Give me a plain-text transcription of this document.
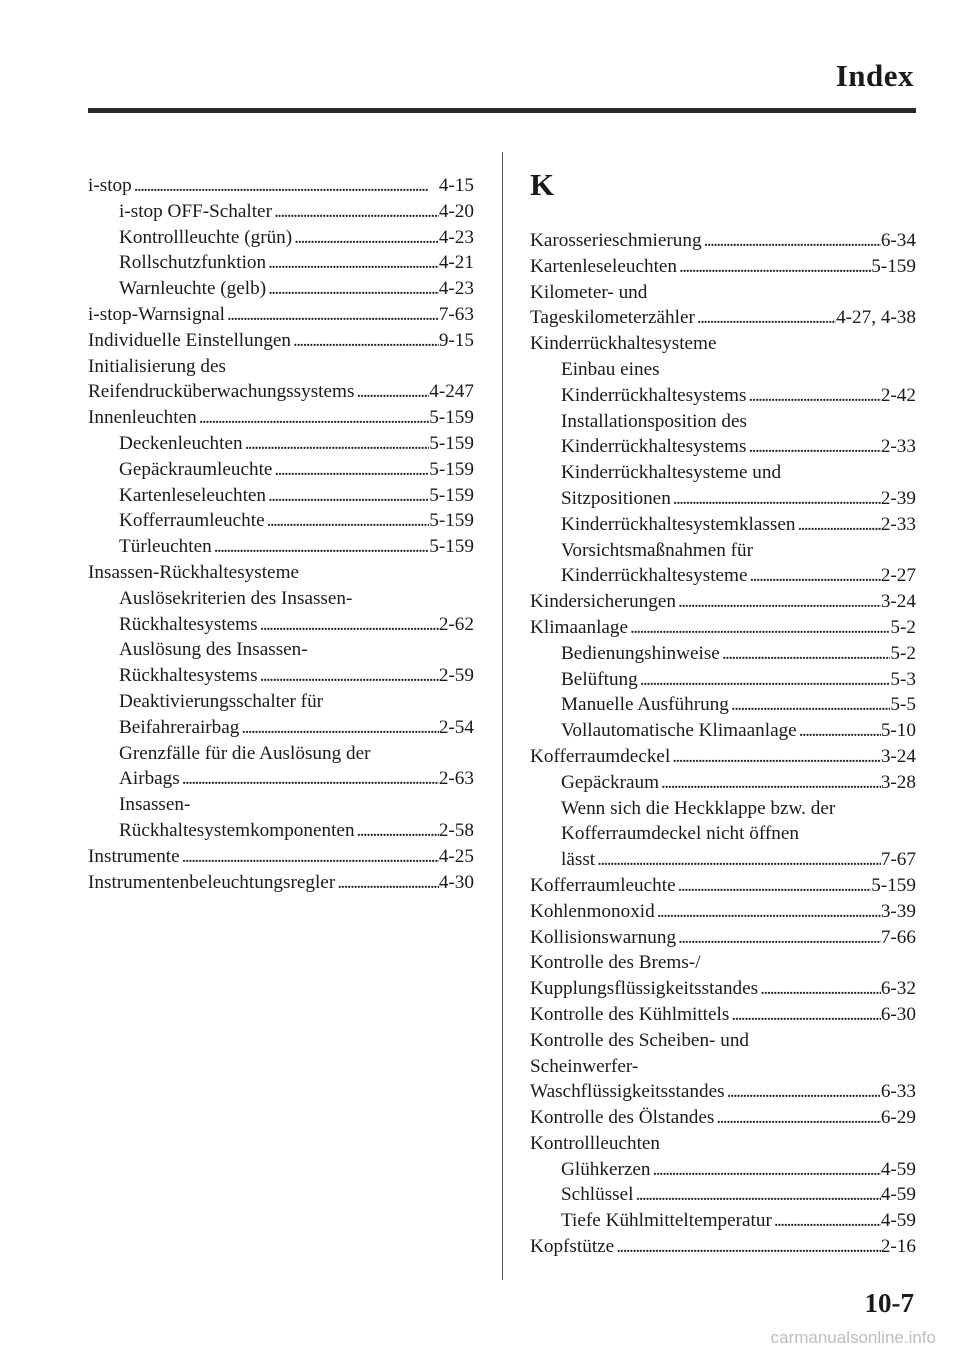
Index
i-stop . . .	4-15
i-stop OFF-Schalter . . .	4-20
Kontrollleuchte (grün) . . .	4-23
Rollschutzfunktion . . .	4-21
Warnleuchte (gelb) . . .	4-23
i-stop-Warnsignal . . .	7-63
Individuelle Einstellungen . . .	9-15
Initialisierung des
Reifendrucküberwachungssystems . . .	4-247
Innenleuchten . . .	5-159
Deckenleuchten . . .	5-159
Gepäckraumleuchte . . .	5-159
Kartenleseleuchten . . .	5-159
Kofferraumleuchte . . .	5-159
Türleuchten . . .	5-159
Insassen-Rückhaltesysteme
Auslösekriterien des Insassen-
Rückhaltesystems . . .	2-62
Auslösung des Insassen-
Rückhaltesystems . . .	2-59
Deaktivierungsschalter für
Beifahrerairbag . . .	2-54
Grenzfälle für die Auslösung der
Airbags . . .	2-63
Insassen-
Rückhaltesystemkomponenten . . .	2-58
Instrumente . . .	4-25
Instrumentenbeleuchtungsregler . . .	4-30
K
Karosserieschmierung . . .	6-34
Kartenleseleuchten . . .	5-159
Kilometer- und
Tageskilometerzähler . . .	4-27, 4-38
Kinderrückhaltesysteme
Einbau eines
Kinderrückhaltesystems . . .	2-42
Installationsposition des
Kinderrückhaltesystems . . .	2-33
Kinderrückhaltesysteme und
Sitzpositionen . . .	2-39
Kinderrückhaltesystemklassen . . .	2-33
Vorsichtsmaßnahmen für
Kinderrückhaltesysteme . . .	2-27
Kindersicherungen . . .	3-24
Klimaanlage . . .	5-2
Bedienungshinweise . . .	5-2
Belüftung . . .	5-3
Manuelle Ausführung . . .	5-5
Vollautomatische Klimaanlage . . .	5-10
Kofferraumdeckel . . .	3-24
Gepäckraum . . .	3-28
Wenn sich die Heckklappe bzw. der
Kofferraumdeckel nicht öffnen
lässt . . .	7-67
Kofferraumleuchte . . .	5-159
Kohlenmonoxid . . .	3-39
Kollisionswarnung . . .	7-66
Kontrolle des Brems-/
Kupplungsflüssigkeitsstandes . . .	6-32
Kontrolle des Kühlmittels . . .	6-30
Kontrolle des Scheiben- und
Scheinwerfer-
Waschflüssigkeitsstandes . . .	6-33
Kontrolle des Ölstandes . . .	6-29
Kontrollleuchten
Glühkerzen . . .	4-59
Schlüssel . . .	4-59
Tiefe Kühlmitteltemperatur . . .	4-59
Kopfstütze . . .	2-16
10-7
carmanualsonline.info
